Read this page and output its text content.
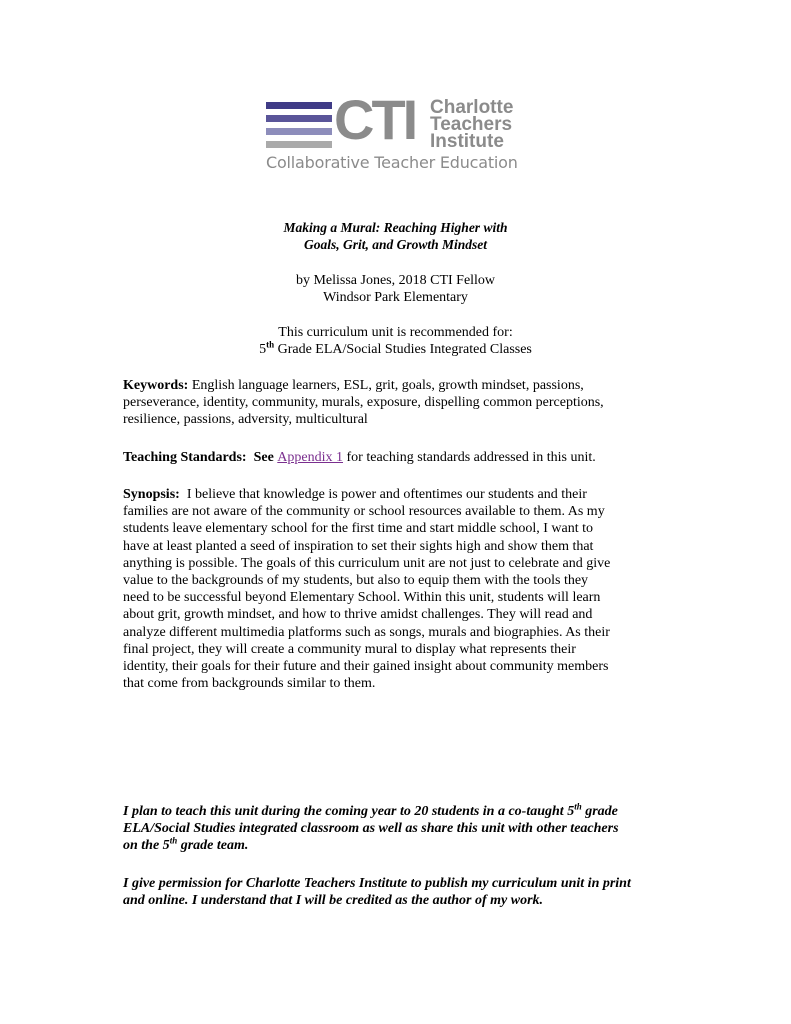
CTI Charlotte
Teachers
Institute
Collaborative Teacher Education
Making a Mural: Reaching Higher with
Goals, Grit, and Growth Mindset
by Melissa Jones, 2018 CTI Fellow
Windsor Park Elementary
This curriculum unit is recommended for:
5th Grade ELA/Social Studies Integrated Classes
Keywords: English language learners, ESL, grit, goals, growth mindset, passions,
perseverance, identity, community, murals, exposure, dispelling common perceptions,
resilience, passions, adversity, multicultural
Teaching Standards:  See Appendix 1 for teaching standards addressed in this unit.
Synopsis:  I believe that knowledge is power and oftentimes our students and their
families are not aware of the community or school resources available to them. As my
students leave elementary school for the first time and start middle school, I want to
have at least planted a seed of inspiration to set their sights high and show them that
anything is possible. The goals of this curriculum unit are not just to celebrate and give
value to the backgrounds of my students, but also to equip them with the tools they
need to be successful beyond Elementary School. Within this unit, students will learn
about grit, growth mindset, and how to thrive amidst challenges. They will read and
analyze different multimedia platforms such as songs, murals and biographies. As their
final project, they will create a community mural to display what represents their
identity, their goals for their future and their gained insight about community members
that come from backgrounds similar to them.
I plan to teach this unit during the coming year to 20 students in a co-taught 5th grade
ELA/Social Studies integrated classroom as well as share this unit with other teachers
on the 5th grade team.
I give permission for Charlotte Teachers Institute to publish my curriculum unit in print
and online. I understand that I will be credited as the author of my work.
